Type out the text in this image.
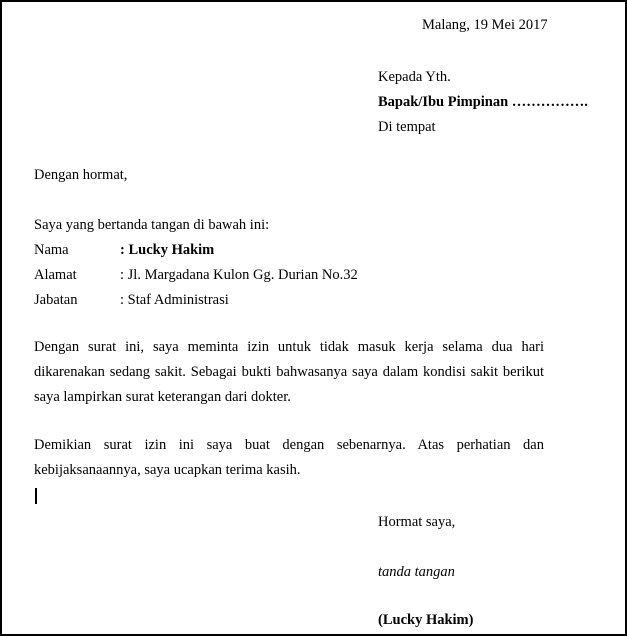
Malang, 19 Mei 2017
Kepada Yth.
Bapak/Ibu Pimpinan …………….
Di tempat
Dengan hormat,
Saya yang bertanda tangan di bawah ini:
Nama	: Lucky Hakim
Alamat	: Jl. Margadana Kulon Gg. Durian No.32
Jabatan	: Staf Administrasi
Dengan surat ini, saya meminta izin untuk tidak masuk kerja selama dua hari dikarenakan sedang sakit. Sebagai bukti bahwasanya saya dalam kondisi sakit berikut saya lampirkan surat keterangan dari dokter.
Demikian surat izin ini saya buat dengan sebenarnya. Atas perhatian dan kebijaksanaannya, saya ucapkan terima kasih.
Hormat saya,
tanda tangan
(Lucky Hakim)
